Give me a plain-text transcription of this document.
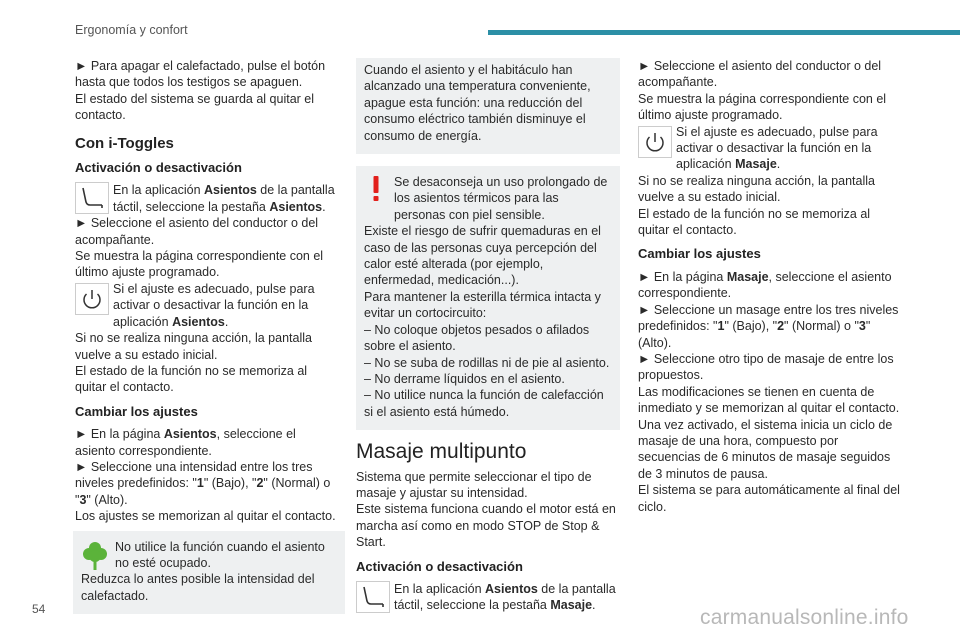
Ergonomía y confort

► Para apagar el calefactado, pulse el botón hasta que todos los testigos se apaguen.

El estado del sistema se guarda al quitar el contacto.

Con i-Toggles
Activación o desactivación

En la aplicación Asientos de la pantalla táctil, seleccione la pestaña Asientos.

► Seleccione el asiento del conductor o del acompañante.

Se muestra la página correspondiente con el último ajuste programado.

Si el ajuste es adecuado, pulse para activar o desactivar la función en la aplicación Asientos.

Si no se realiza ninguna acción, la pantalla vuelve a su estado inicial.

El estado de la función no se memoriza al quitar el contacto.

Cambiar los ajustes

► En la página Asientos, seleccione el asiento correspondiente.

► Seleccione una intensidad entre los tres niveles predefinidos: "1" (Bajo), "2" (Normal) o "3" (Alto).

Los ajustes se memorizan al quitar el contacto.

No utilice la función cuando el asiento no esté ocupado.

Reduzca lo antes posible la intensidad del calefactado.

Cuando el asiento y el habitáculo han alcanzado una temperatura conveniente, apague esta función: una reducción del consumo eléctrico también disminuye el consumo de energía.

Se desaconseja un uso prolongado de los asientos térmicos para las personas con piel sensible.

Existe el riesgo de sufrir quemaduras en el caso de las personas cuya percepción del calor esté alterada (por ejemplo, enfermedad, medicación...).

Para mantener la esterilla térmica intacta y evitar un cortocircuito:

– No coloque objetos pesados o afilados sobre el asiento.

– No se suba de rodillas ni de pie al asiento.

– No derrame líquidos en el asiento.

– No utilice nunca la función de calefacción si el asiento está húmedo.

Masaje multipunto

Sistema que permite seleccionar el tipo de masaje y ajustar su intensidad.

Este sistema funciona cuando el motor está en marcha así como en modo STOP de Stop & Start.

Activación o desactivación

En la aplicación Asientos de la pantalla táctil, seleccione la pestaña Masaje.

► Seleccione el asiento del conductor o del acompañante.

Se muestra la página correspondiente con el último ajuste programado.

Si el ajuste es adecuado, pulse para activar o desactivar la función en la aplicación Masaje.

Si no se realiza ninguna acción, la pantalla vuelve a su estado inicial.

El estado de la función no se memoriza al quitar el contacto.

Cambiar los ajustes

► En la página Masaje, seleccione el asiento correspondiente.

► Seleccione un masage entre los tres niveles predefinidos: "1" (Bajo), "2" (Normal) o "3" (Alto).

► Seleccione otro tipo de masaje de entre los propuestos.

Las modificaciones se tienen en cuenta de inmediato y se memorizan al quitar el contacto.

Una vez activado, el sistema inicia un ciclo de masaje de una hora, compuesto por secuencias de 6 minutos de masaje seguidos de 3 minutos de pausa.

El sistema se para automáticamente al final del ciclo.

54	carmanualsonline.info
